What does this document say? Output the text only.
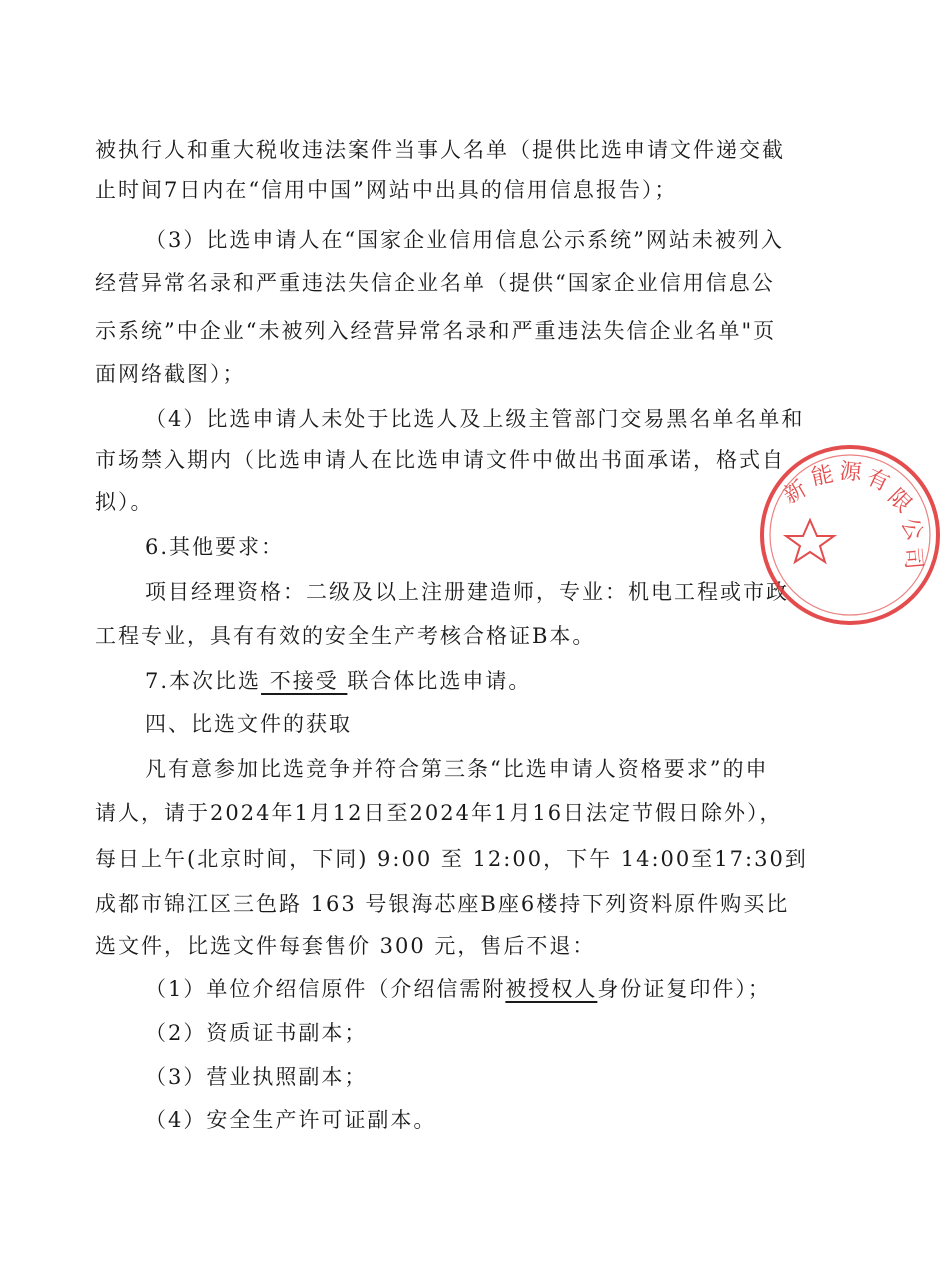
被执行人和重大税收违法案件当事人名单（提供比选申请文件递交截
止时间7日内在“信用中国”网站中出具的信用信息报告）；
（3）比选申请人在“国家企业信用信息公示系统”网站未被列入
经营异常名录和严重违法失信企业名单（提供“国家企业信用信息公
示系统”中企业“未被列入经营异常名录和严重违法失信企业名单"页
面网络截图）；
（4）比选申请人未处于比选人及上级主管部门交易黑名单名单和
市场禁入期内（比选申请人在比选申请文件中做出书面承诺，格式自
拟）。
6.其他要求：
项目经理资格：二级及以上注册建造师，专业：机电工程或市政
工程专业，具有有效的安全生产考核合格证B本。
7.本次比选 不接受 联合体比选申请。
四、比选文件的获取
凡有意参加比选竞争并符合第三条“比选申请人资格要求”的申
请人，请于2024年1月12日至2024年1月16日法定节假日除外），
每日上午(北京时间，下同) 9:00 至 12:00，下午 14:00至17:30到
成都市锦江区三色路 163 号银海芯座B座6楼持下列资料原件购买比
选文件，比选文件每套售价 300 元，售后不退：
（1）单位介绍信原件（介绍信需附被授权人身份证复印件）；
（2）资质证书副本；
（3）营业执照副本；
（4）安全生产许可证副本。
新
能 源 有
限
公
司
